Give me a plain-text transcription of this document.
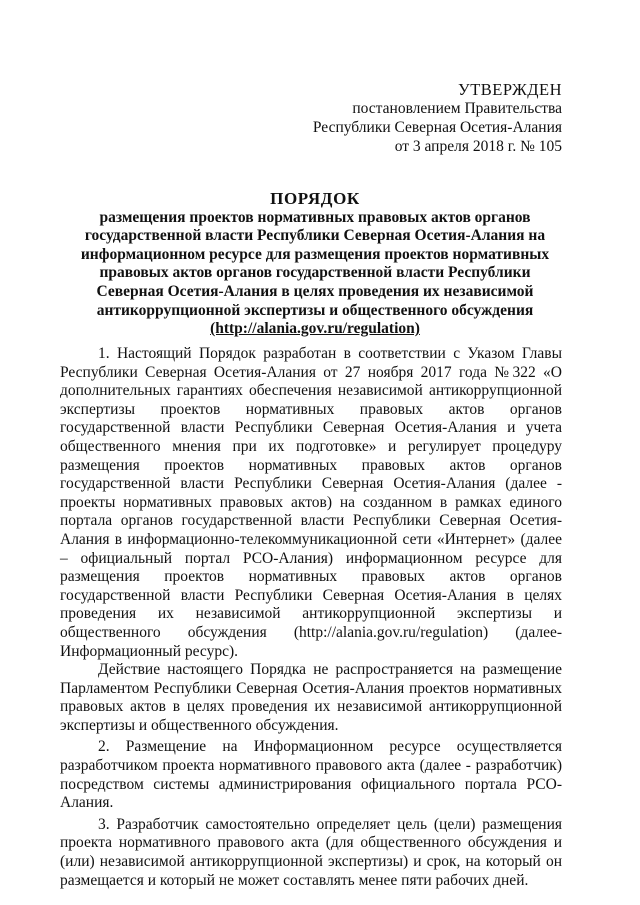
УТВЕРЖДЕН
постановлением Правительства
Республики Северная Осетия-Алания
от 3 апреля 2018 г. № 105
ПОРЯДОК
размещения проектов нормативных правовых актов органов государственной власти Республики Северная Осетия-Алания на информационном ресурсе для размещения проектов нормативных правовых актов органов государственной власти Республики Северная Осетия-Алания в целях проведения их независимой антикоррупционной экспертизы и общественного обсуждения
(http://alania.gov.ru/regulation)

1. Настоящий Порядок разработан в соответствии с Указом Главы Республики Северная Осетия-Алания от 27 ноября 2017 года №322 «О дополнительных гарантиях обеспечения независимой антикоррупционной экспертизы проектов нормативных правовых актов органов государственной власти Республики Северная Осетия-Алания и учета общественного мнения при их подготовке» и регулирует процедуру размещения проектов нормативных правовых актов органов государственной власти Республики Северная Осетия-Алания (далее - проекты нормативных правовых актов) на созданном в рамках единого портала органов государственной власти Республики Северная Осетия-Алания в информационно-телекоммуникационной сети «Интернет» (далее – официальный портал РСО-Алания) информационном ресурсе для размещения проектов нормативных правовых актов органов государственной власти Республики Северная Осетия-Алания в целях проведения их независимой антикоррупционной экспертизы и общественного обсуждения (http://alania.gov.ru/regulation) (далее- Информационный ресурс).

Действие настоящего Порядка не распространяется на размещение Парламентом Республики Северная Осетия-Алания проектов нормативных правовых актов в целях проведения их независимой антикоррупционной экспертизы и общественного обсуждения.

2. Размещение на Информационном ресурсе осуществляется разработчиком проекта нормативного правового акта (далее - разработчик) посредством системы администрирования официального портала РСО-Алания.

3. Разработчик самостоятельно определяет цель (цели) размещения проекта нормативного правового акта (для общественного обсуждения и (или) независимой антикоррупционной экспертизы) и срок, на который он размещается и который не может составлять менее пяти рабочих дней.
